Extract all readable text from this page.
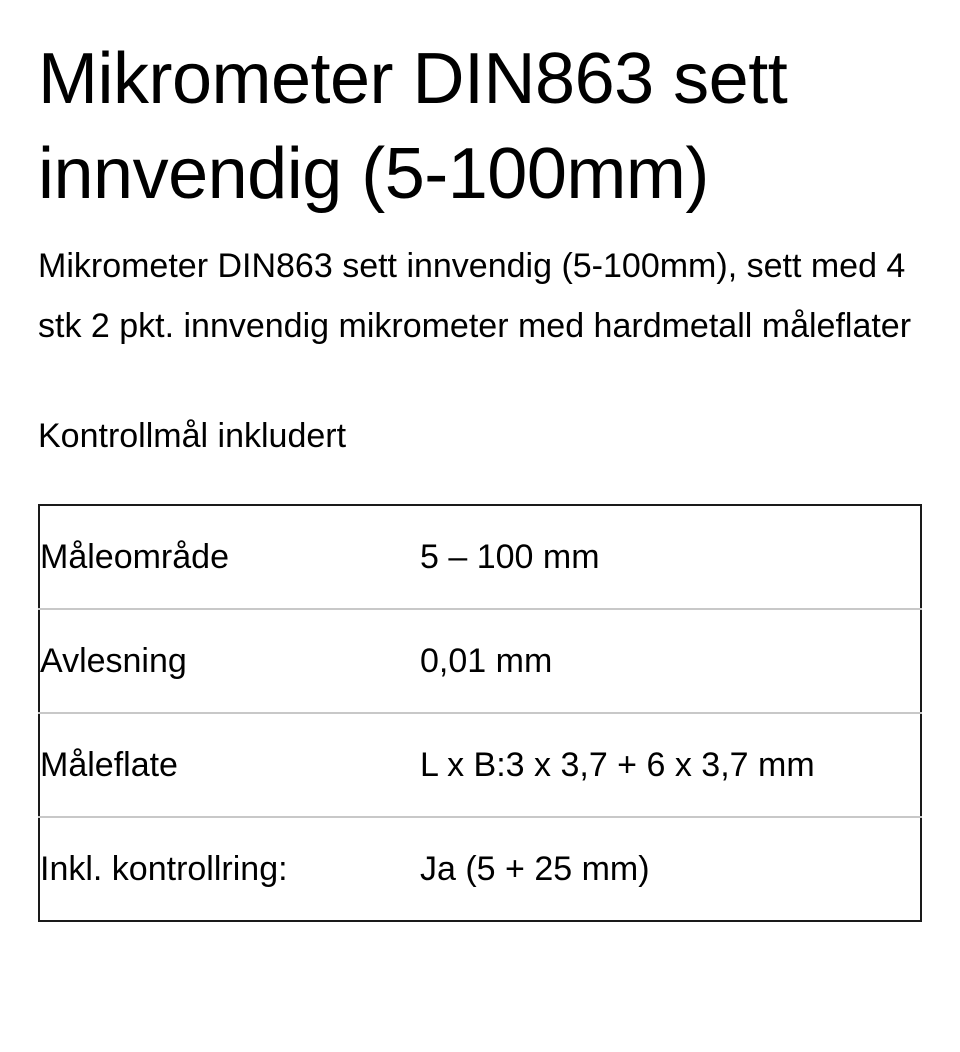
Mikrometer DIN863 sett innvendig (5-100mm)

Mikrometer DIN863 sett innvendig (5-100mm), sett med 4 stk 2 pkt. innvendig mikrometer med hardmetall måleflater

Kontrollmål inkludert

Måleområde	5 – 100 mm
Avlesning	0,01 mm
Måleflate	L x B:3 x 3,7 + 6 x 3,7 mm
Inkl. kontrollring:	Ja (5 + 25 mm)
